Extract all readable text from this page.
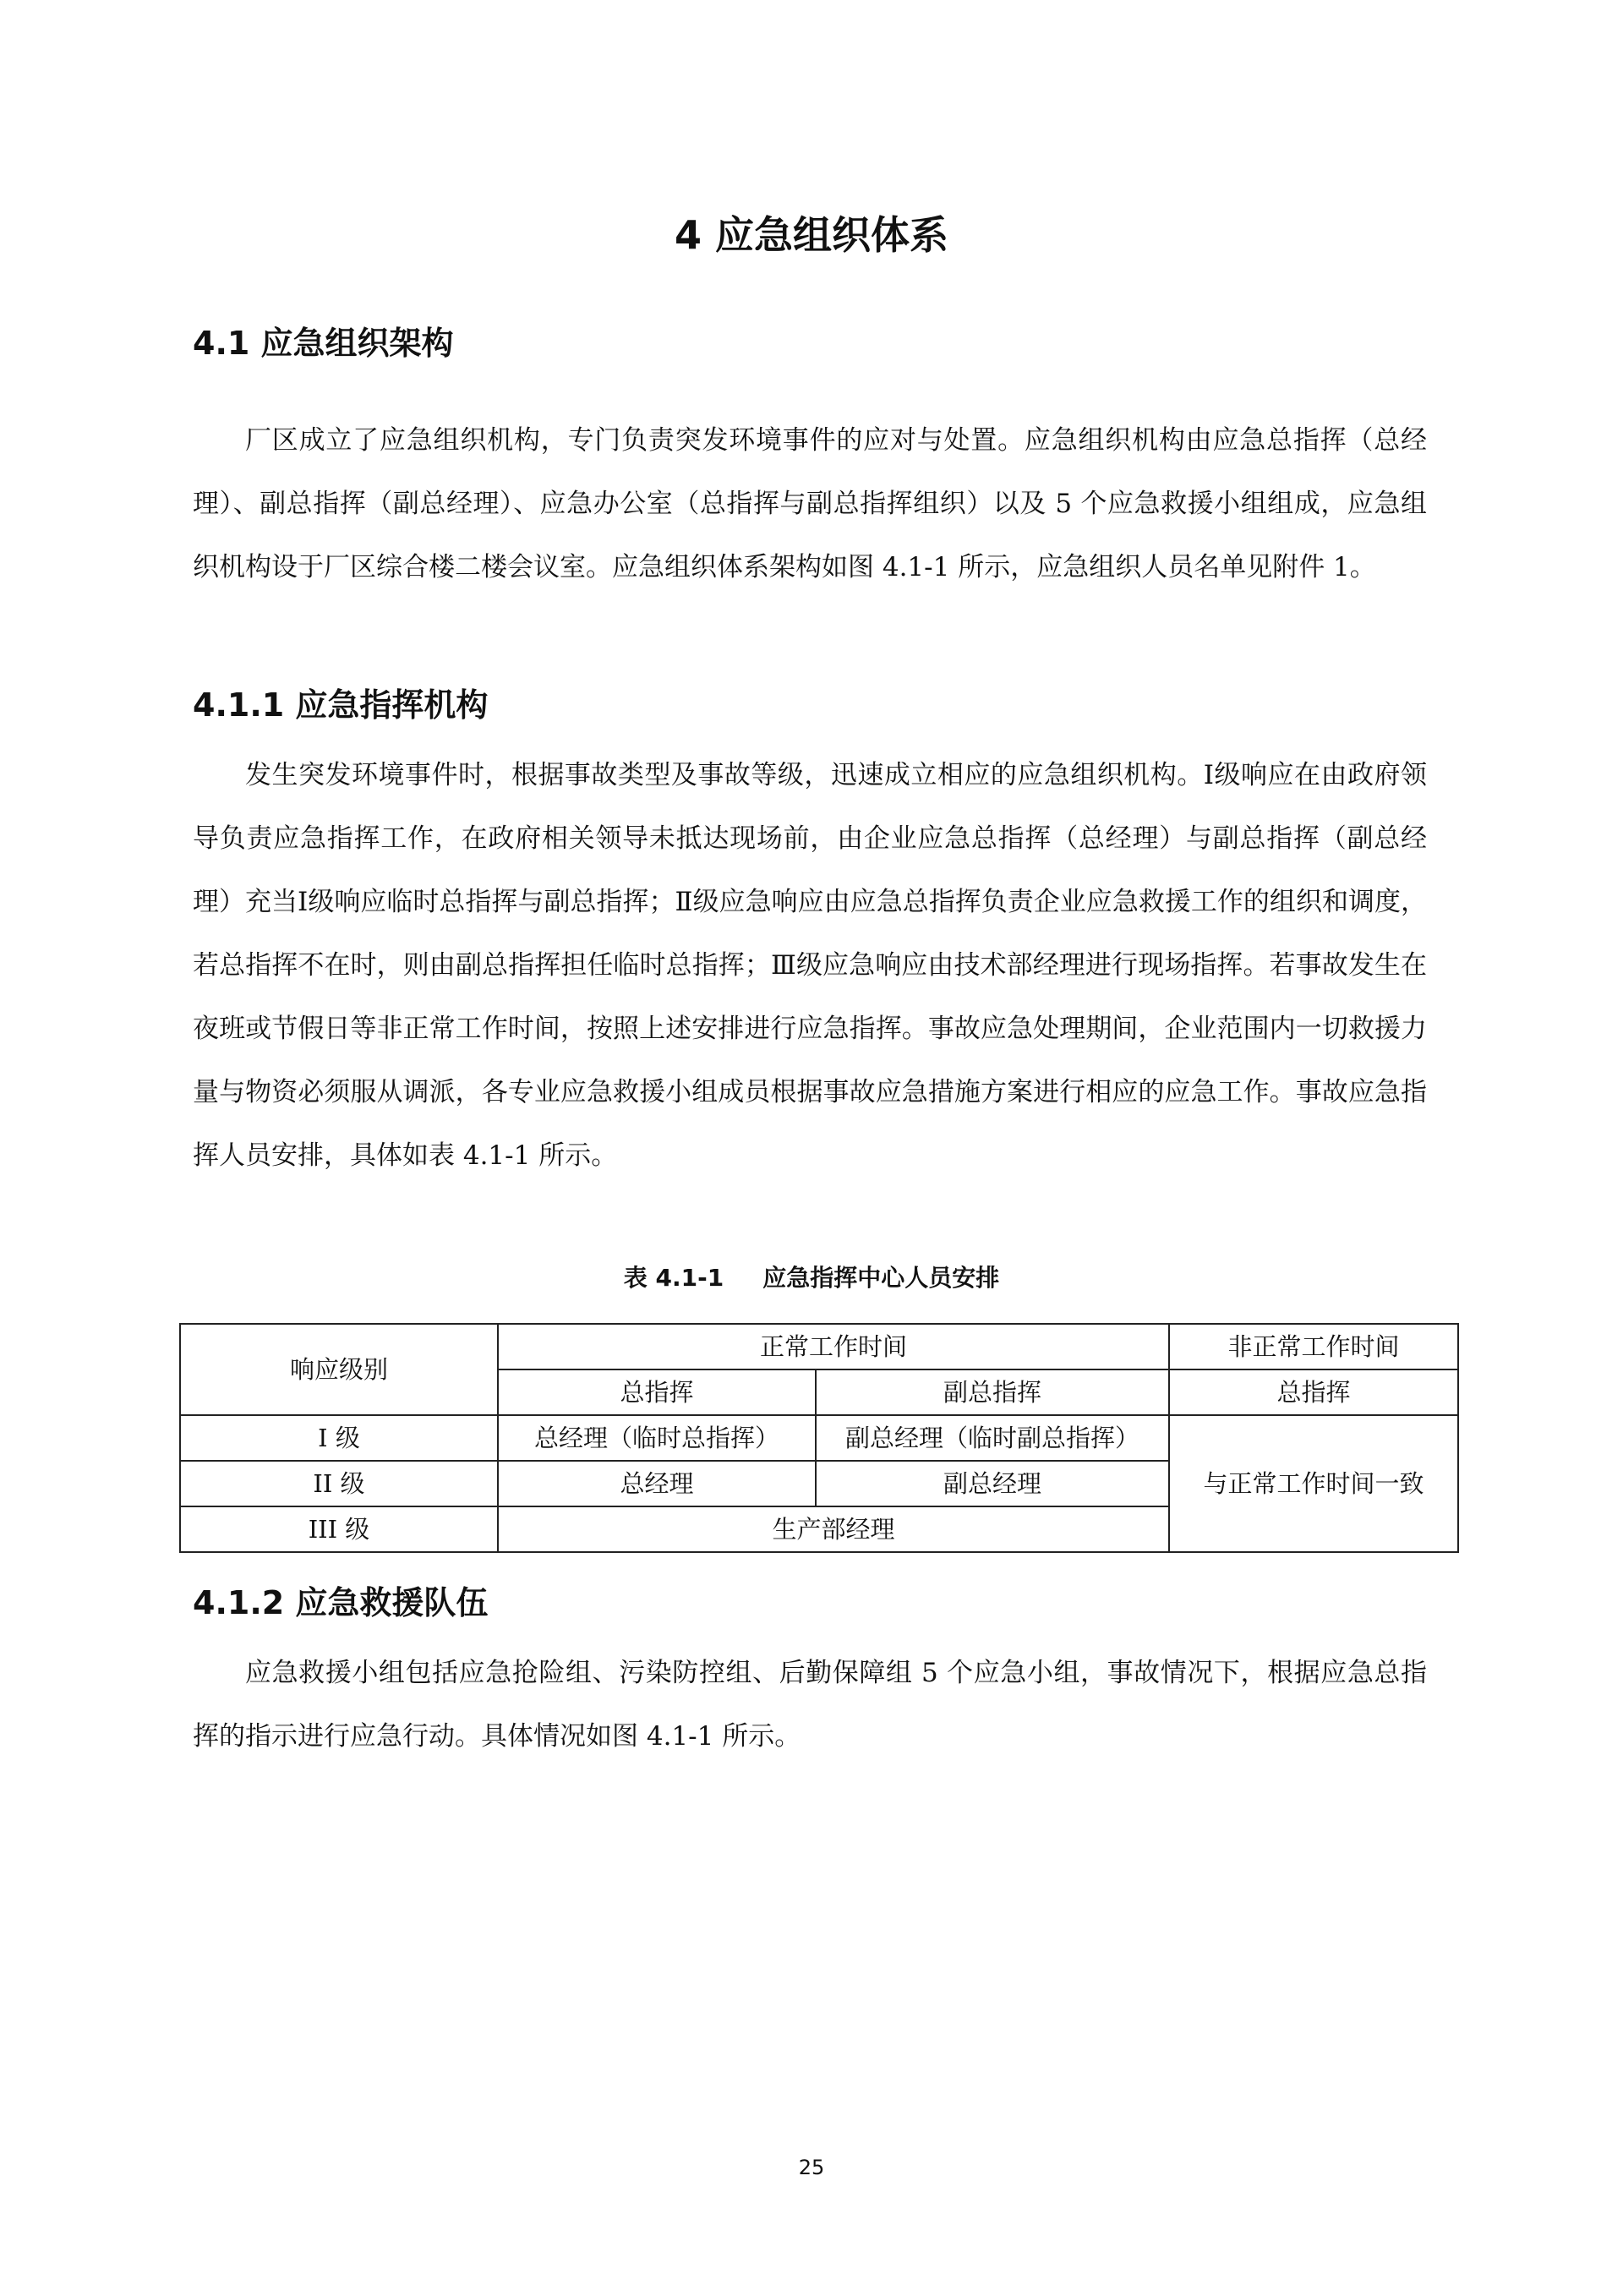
4 应急组织体系
4.1 应急组织架构

厂区成立了应急组织机构，专门负责突发环境事件的应对与处置。应急组织机构由应急总指挥（总经理）、副总指挥（副总经理）、应急办公室（总指挥与副总指挥组织）以及 5 个应急救援小组组成，应急组织机构设于厂区综合楼二楼会议室。应急组织体系架构如图 4.1-1 所示，应急组织人员名单见附件 1。

4.1.1 应急指挥机构

发生突发环境事件时，根据事故类型及事故等级，迅速成立相应的应急组织机构。Ⅰ级响应在由政府领导负责应急指挥工作，在政府相关领导未抵达现场前，由企业应急总指挥（总经理）与副总指挥（副总经理）充当Ⅰ级响应临时总指挥与副总指挥；Ⅱ级应急响应由应急总指挥负责企业应急救援工作的组织和调度，若总指挥不在时，则由副总指挥担任临时总指挥；Ⅲ级应急响应由技术部经理进行现场指挥。若事故发生在夜班或节假日等非正常工作时间，按照上述安排进行应急指挥。事故应急处理期间，企业范围内一切救援力量与物资必须服从调派，各专业应急救援小组成员根据事故应急措施方案进行相应的应急工作。事故应急指挥人员安排，具体如表 4.1-1 所示。

表 4.1-1 应急指挥中心人员安排
响应级别	正常工作时间		非正常工作时间
	总指挥	副总指挥	总指挥
I 级	总经理（临时总指挥）	副总经理（临时副总指挥）	与正常工作时间一致
II 级	总经理	副总经理	
III 级	生产部经理		
4.1.2 应急救援队伍

应急救援小组包括应急抢险组、污染防控组、后勤保障组 5 个应急小组，事故情况下，根据应急总指挥的指示进行应急行动。具体情况如图 4.1-1 所示。

25
